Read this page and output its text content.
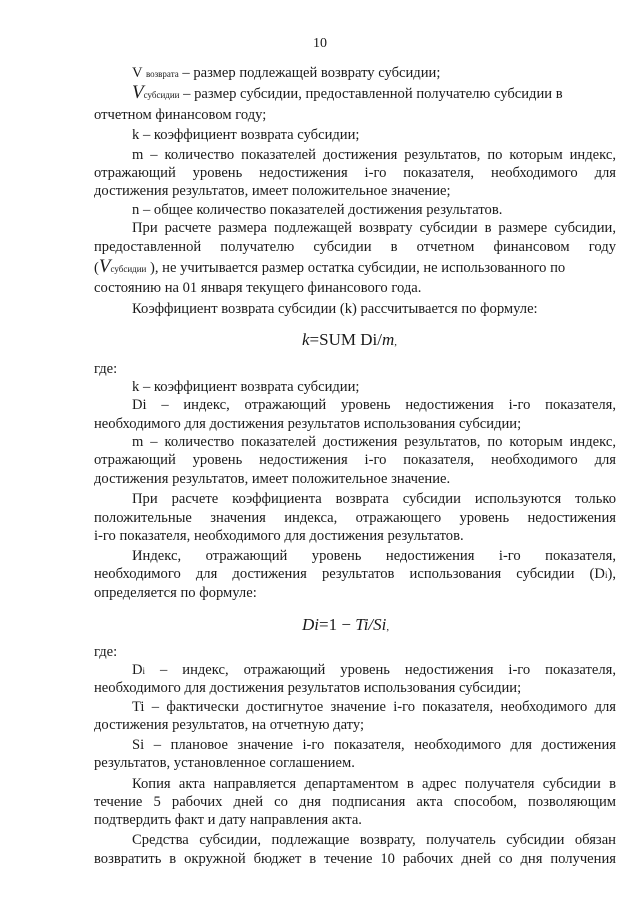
10
V возврата – размер подлежащей возврату субсидии;
Vсубсидии – размер субсидии, предоставленной получателю субсидии в
отчетном финансовом году;
k – коэффициент возврата субсидии;
m – количество показателей достижения результатов, по которым индекс,
отражающий уровень недостижения i-го показателя, необходимого для
достижения результатов, имеет положительное значение;
n – общее количество показателей достижения результатов.
При расчете размера подлежащей возврату субсидии в размере субсидии,
предоставленной получателю субсидии в отчетном финансовом году
(Vсубсидии ), не учитывается размер остатка субсидии, не использованного по
состоянию на 01 января текущего финансового года.
Коэффициент возврата субсидии (k) рассчитывается по формуле:
k=SUM Di/m,
где:
k – коэффициент возврата субсидии;
Di – индекс, отражающий уровень недостижения i-го показателя,
необходимого для достижения результатов использования субсидии;
m – количество показателей достижения результатов, по которым индекс,
отражающий уровень недостижения i-го показателя, необходимого для
достижения результатов, имеет положительное значение.
При расчете коэффициента возврата субсидии используются только
положительные значения индекса, отражающего уровень недостижения
i-го показателя, необходимого для достижения результатов.
Индекс, отражающий уровень недостижения i-го показателя,
необходимого для достижения результатов использования субсидии (Di),
определяется по формуле:
Di=1 − Ti/Si,
где:
Di – индекс, отражающий уровень недостижения i-го показателя,
необходимого для достижения результатов использования субсидии;
Ti – фактически достигнутое значение i-го показателя, необходимого для
достижения результатов, на отчетную дату;
Si – плановое значение i-го показателя, необходимого для достижения
результатов, установленное соглашением.
Копия акта направляется департаментом в адрес получателя субсидии в
течение 5 рабочих дней со дня подписания акта способом, позволяющим
подтвердить факт и дату направления акта.
Средства субсидии, подлежащие возврату, получатель субсидии обязан
возвратить в окружной бюджет в течение 10 рабочих дней со дня получения
